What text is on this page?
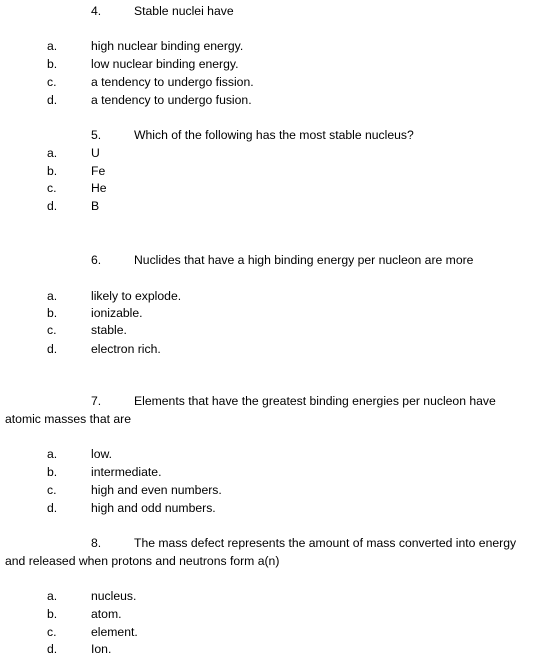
4.	Stable nuclei have
a.	high nuclear binding energy.
b.	low nuclear binding energy.
c.	a tendency to undergo fission.
d.	a tendency to undergo fusion.
5.	Which of the following has the most stable nucleus?
a.	U
b.	Fe
c.	He
d.	B
6.	Nuclides that have a high binding energy per nucleon are more
a.	likely to explode.
b.	ionizable.
c.	stable.
d.	electron rich.
7.	Elements that have the greatest binding energies per nucleon have
atomic masses that are
a.	low.
b.	intermediate.
c.	high and even numbers.
d.	high and odd numbers.
8.	The mass defect represents the amount of mass converted into energy
and released when protons and neutrons form a(n)
a.	nucleus.
b.	atom.
c.	element.
d.	Ion.
